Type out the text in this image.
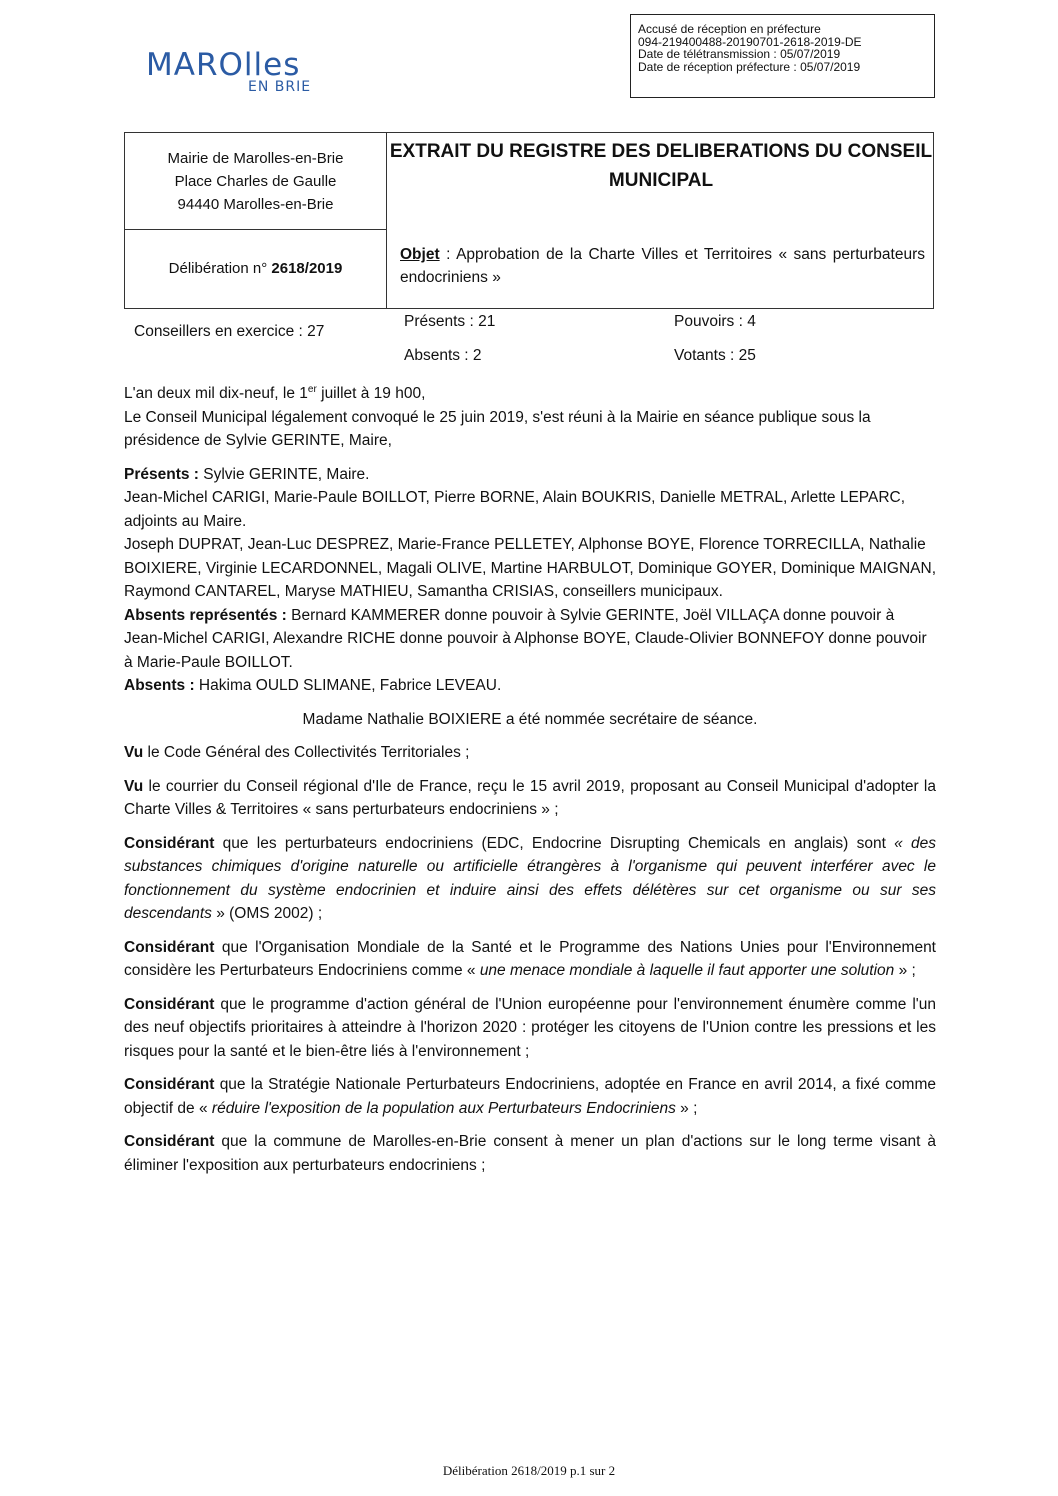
MAROlles
EN BRIE
Accusé de réception en préfecture
094-219400488-20190701-2618-2019-DE
Date de télétransmission : 05/07/2019
Date de réception préfecture : 05/07/2019
Mairie de Marolles-en-Brie
Place Charles de Gaulle
94440 Marolles-en-Brie
EXTRAIT DU REGISTRE DES DELIBERATIONS DU CONSEIL MUNICIPAL
Délibération n° 2618/2019
Objet : Approbation de la Charte Villes et Territoires « sans perturbateurs endocriniens »
Conseillers en exercice : 27
Présents : 21	Pouvoirs : 4
Absents : 2	Votants : 25

L'an deux mil dix-neuf, le 1er juillet à 19 h00,

Le Conseil Municipal légalement convoqué le 25 juin 2019, s'est réuni à la Mairie en séance publique sous la présidence de Sylvie GERINTE, Maire,

Présents : Sylvie GERINTE, Maire.

Jean-Michel CARIGI, Marie-Paule BOILLOT, Pierre BORNE, Alain BOUKRIS, Danielle METRAL, Arlette LEPARC, adjoints au Maire.

Joseph DUPRAT, Jean-Luc DESPREZ, Marie-France PELLETEY, Alphonse BOYE, Florence TORRECILLA, Nathalie BOIXIERE, Virginie LECARDONNEL, Magali OLIVE, Martine HARBULOT, Dominique GOYER, Dominique MAIGNAN, Raymond CANTAREL, Maryse MATHIEU, Samantha CRISIAS, conseillers municipaux.

Absents représentés : Bernard KAMMERER donne pouvoir à Sylvie GERINTE, Joël VILLAÇA donne pouvoir à Jean-Michel CARIGI, Alexandre RICHE donne pouvoir à Alphonse BOYE, Claude-Olivier BONNEFOY donne pouvoir à Marie-Paule BOILLOT.

Absents : Hakima OULD SLIMANE, Fabrice LEVEAU.

Madame Nathalie BOIXIERE a été nommée secrétaire de séance.

Vu le Code Général des Collectivités Territoriales ;

Vu le courrier du Conseil régional d'Ile de France, reçu le 15 avril 2019, proposant au Conseil Municipal d'adopter la Charte Villes & Territoires « sans perturbateurs endocriniens » ;

Considérant que les perturbateurs endocriniens (EDC, Endocrine Disrupting Chemicals en anglais) sont « des substances chimiques d'origine naturelle ou artificielle étrangères à l'organisme qui peuvent interférer avec le fonctionnement du système endocrinien et induire ainsi des effets délétères sur cet organisme ou sur ses descendants » (OMS 2002) ;

Considérant que l'Organisation Mondiale de la Santé et le Programme des Nations Unies pour l'Environnement considère les Perturbateurs Endocriniens comme « une menace mondiale à laquelle il faut apporter une solution » ;

Considérant que le programme d'action général de l'Union européenne pour l'environnement énumère comme l'un des neuf objectifs prioritaires à atteindre à l'horizon 2020 : protéger les citoyens de l'Union contre les pressions et les risques pour la santé et le bien-être liés à l'environnement ;

Considérant que la Stratégie Nationale Perturbateurs Endocriniens, adoptée en France en avril 2014, a fixé comme objectif de « réduire l'exposition de la population aux Perturbateurs Endocriniens » ;

Considérant que la commune de Marolles-en-Brie consent à mener un plan d'actions sur le long terme visant à éliminer l'exposition aux perturbateurs endocriniens ;

Délibération 2618/2019 p.1 sur 2
